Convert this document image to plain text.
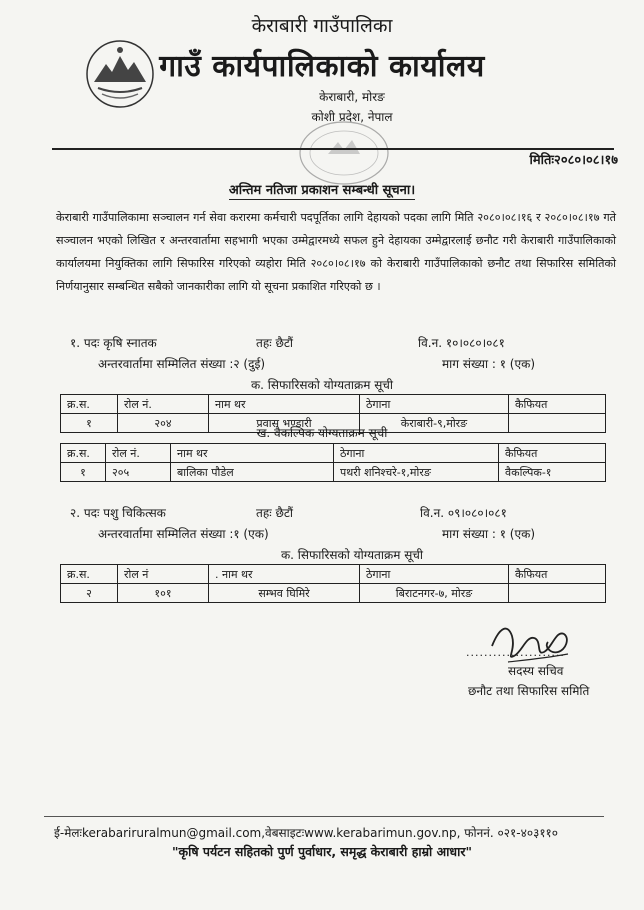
केराबारी गाउँपालिका
गाउँ कार्यपालिकाको कार्यालय
केराबारी, मोरङ
कोशी प्रदेश, नेपाल
मितिः२०८०।०८।१७
अन्तिम नतिजा प्रकाशन सम्बन्धी सूचना।
केराबारी गाउँपालिकामा सञ्चालन गर्न सेवा करारमा कर्मचारी पदपूर्तिका लागि देहायको पदका लागि मिति २०८०।०८।१६ र २०८०।०८।१७ गते सञ्चालन भएको लिखित र अन्तरवार्तामा सहभागी भएका उम्मेद्वारमध्ये सफल हुने देहायका उम्मेद्वारलाई छनौट गरी केराबारी गाउँपालिकाको कार्यालयमा नियुक्तिका लागि सिफारिस गरिएको व्यहोरा मिति २०८०।०८।१७ को केराबारी गाउँपालिकाको छनौट तथा सिफारिस समितिको निर्णयानुसार सम्बन्धित सबैको जानकारीका लागि यो सूचना प्रकाशित गरिएको छ ।
१. पदः कृषि स्नातक	तहः छैटौं	वि.न. १०।०८०।०८१
अन्तरवार्तामा सम्मिलित संख्या :२ (दुई)	माग संख्या : १ (एक)
क. सिफारिसको योग्यताक्रम सूची
क्र.स.	रोल नं.	नाम थर	ठेगाना	कैफियत
१	२०४	प्रवास भण्डारी	केराबारी-९,मोरङ	
ख. वैकल्पिक योग्यताक्रम सूची
क्र.स.	रोल नं.	नाम थर	ठेगाना	कैफियत
१	२०५	बालिका पौडेल	पथरी शनिश्चरे-१,मोरङ	वैकल्पिक-१
२. पदः पशु चिकित्सक	तहः छैटौं	वि.न. ०९।०८०।०८१
अन्तरवार्तामा सम्मिलित संख्या :१ (एक)	माग संख्या : १ (एक)
क. सिफारिसको योग्यताक्रम सूची
क्र.स.	रोल नं	. नाम थर	ठेगाना	कैफियत
२	१०१	सम्भव घिमिरे	बिराटनगर-७, मोरङ	
......................
सदस्य सचिव
छनौट तथा सिफारिस समिति
ई-मेलःkerabariruralmun@gmail.com,वेबसाइटःwww.kerabarimun.gov.np, फोननं. ०२१-४०३११०
"कृषि पर्यटन सहितको पुर्ण पुर्वाधार, समृद्ध केराबारी हाम्रो आधार"
